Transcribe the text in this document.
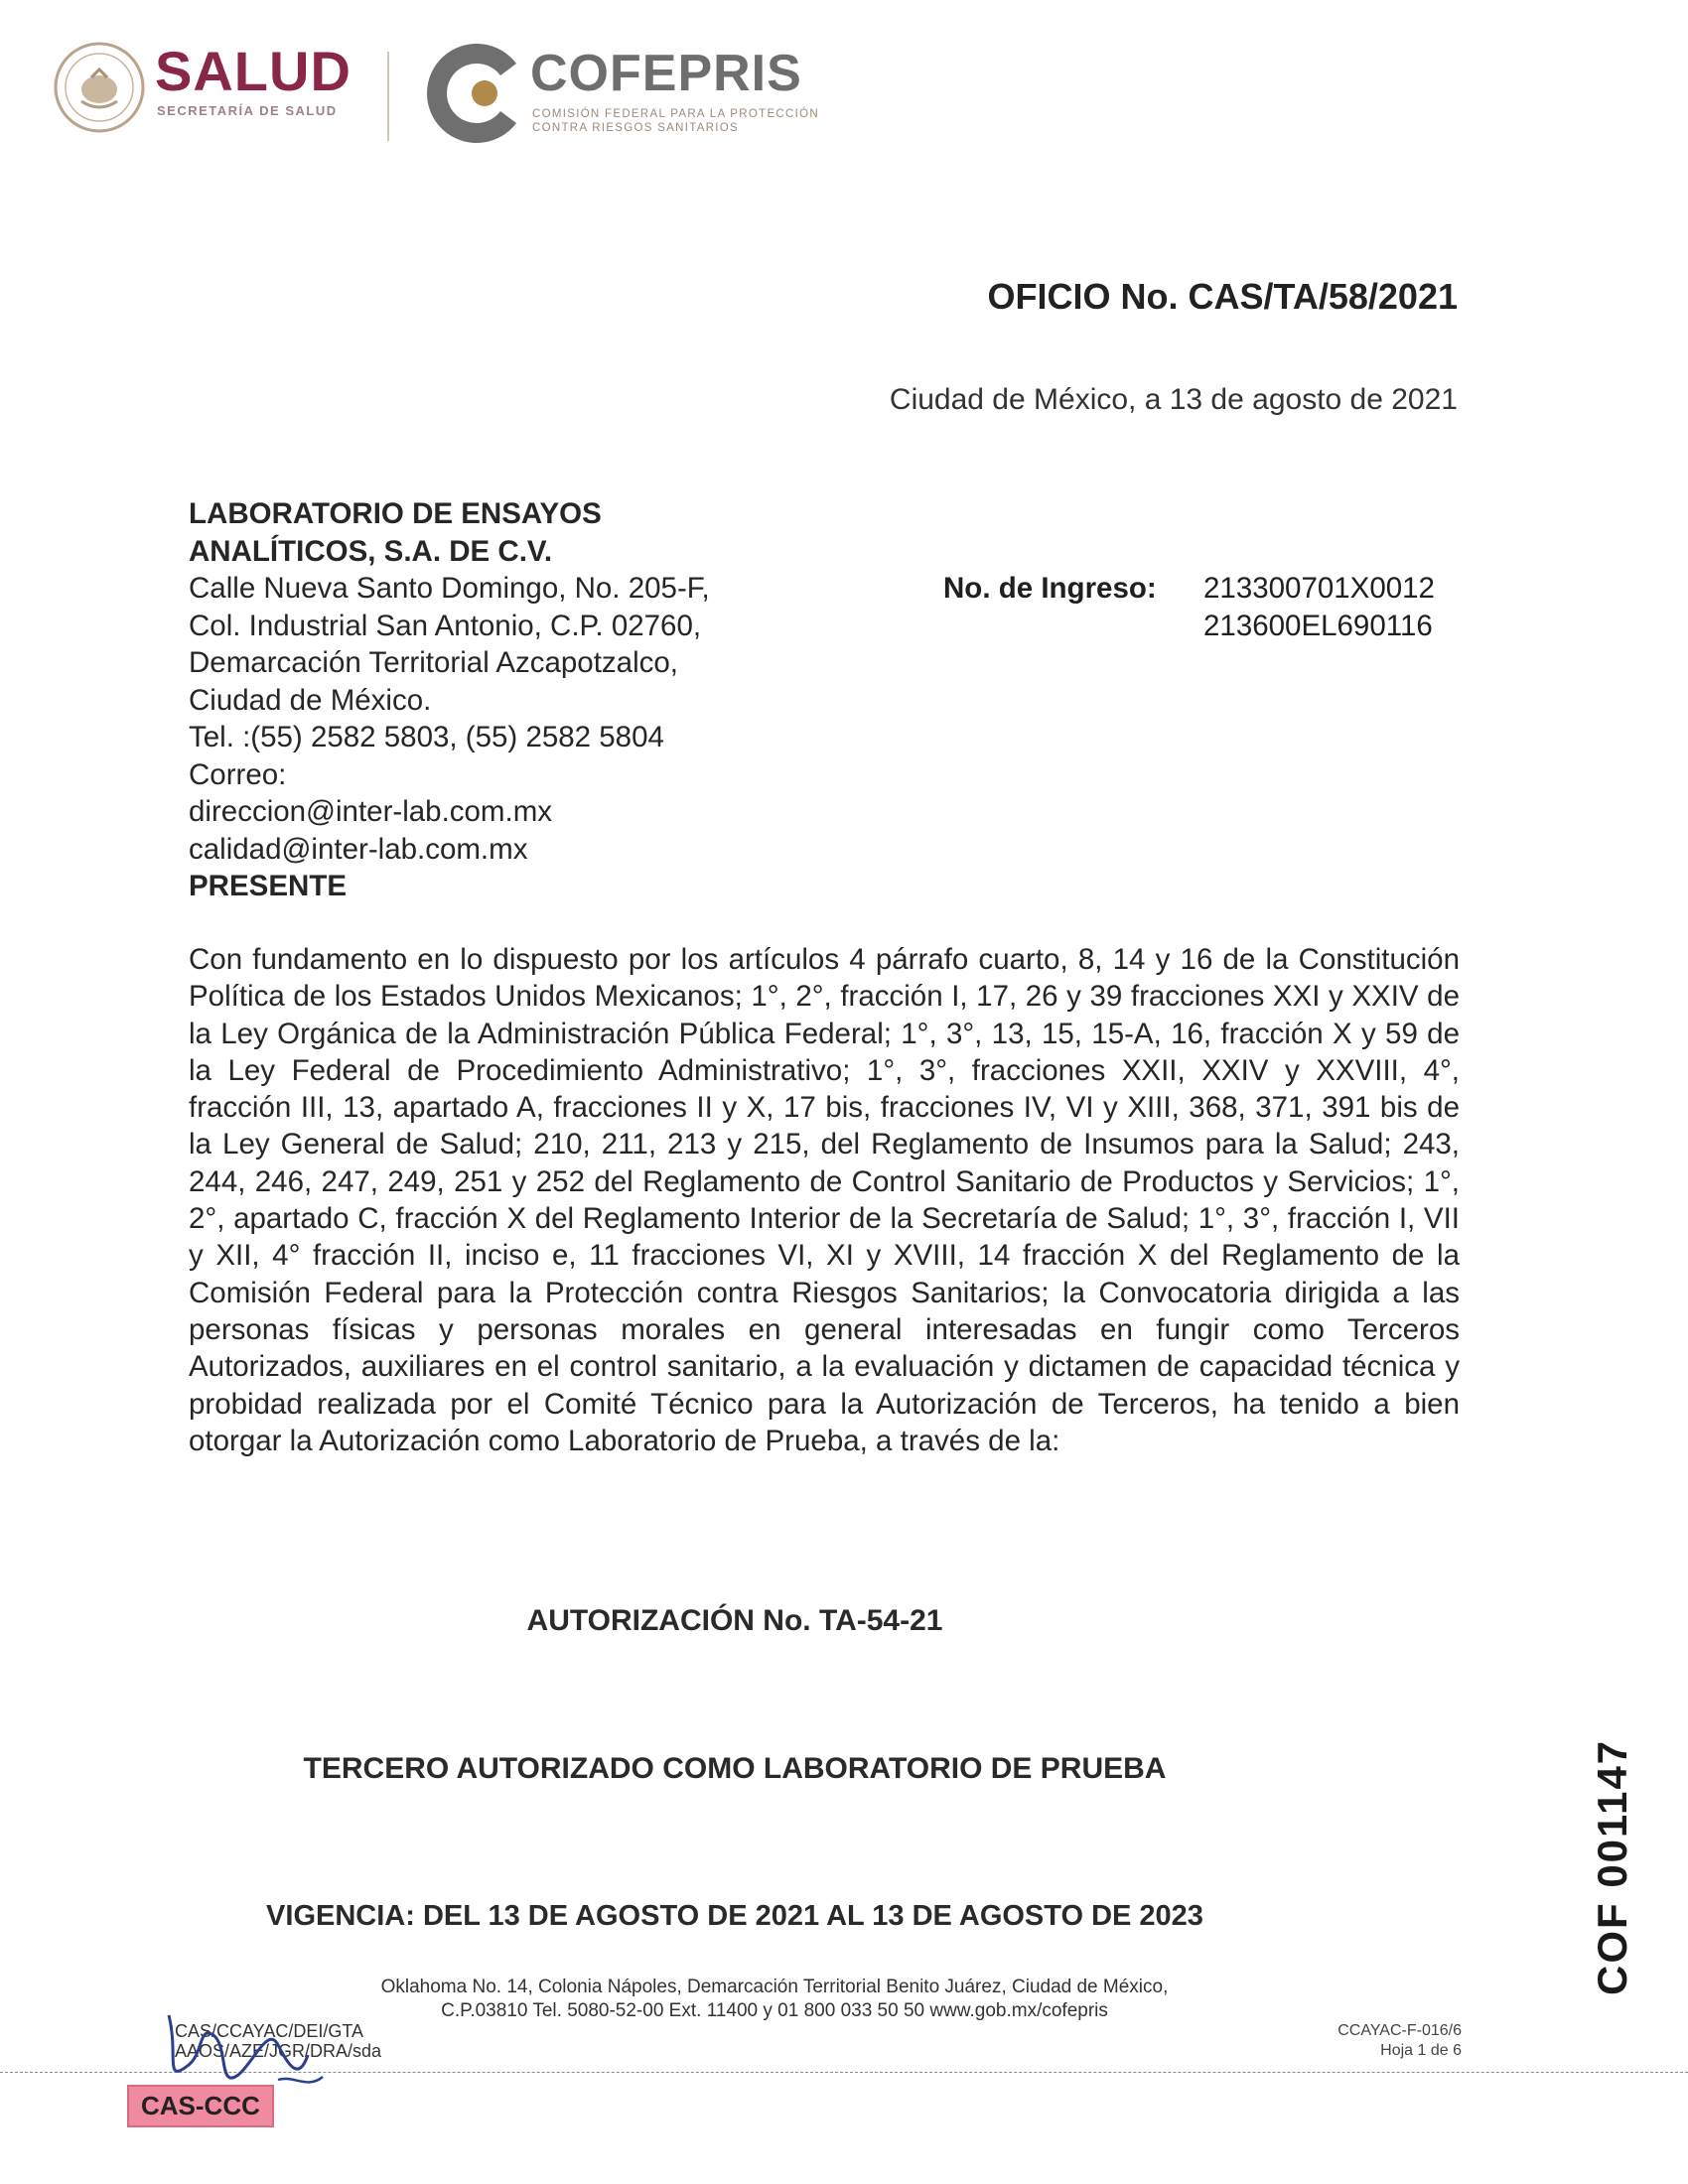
SALUD
SECRETARÍA DE SALUD
COFEPRIS
COMISIÓN FEDERAL PARA LA PROTECCIÓN
CONTRA RIESGOS SANITARIOS
OFICIO No. CAS/TA/58/2021
Ciudad de México, a 13 de agosto de 2021
LABORATORIO DE ENSAYOS
ANALÍTICOS, S.A. DE C.V.
Calle Nueva Santo Domingo, No. 205-F,
Col. Industrial San Antonio, C.P. 02760,
Demarcación Territorial Azcapotzalco,
Ciudad de México.
Tel. :(55) 2582 5803, (55) 2582 5804
Correo:
direccion@inter-lab.com.mx
calidad@inter-lab.com.mx
PRESENTE
No. de Ingreso: 213300701X0012
213600EL690116
Con fundamento en lo dispuesto por los artículos 4 párrafo cuarto, 8, 14 y 16 de la Constitución Política de los Estados Unidos Mexicanos; 1°, 2°, fracción I, 17, 26 y 39 fracciones XXI y XXIV de la Ley Orgánica de la Administración Pública Federal; 1°, 3°, 13, 15, 15-A, 16, fracción X y 59 de la Ley Federal de Procedimiento Administrativo; 1°, 3°, fracciones XXII, XXIV y XXVIII, 4°, fracción III, 13, apartado A, fracciones II y X, 17 bis, fracciones IV, VI y XIII, 368, 371, 391 bis de la Ley General de Salud; 210, 211, 213 y 215, del Reglamento de Insumos para la Salud; 243, 244, 246, 247, 249, 251 y 252 del Reglamento de Control Sanitario de Productos y Servicios; 1°, 2°, apartado C, fracción X del Reglamento Interior de la Secretaría de Salud; 1°, 3°, fracción I, VII y XII, 4° fracción II, inciso e, 11 fracciones VI, XI y XVIII, 14 fracción X del Reglamento de la Comisión Federal para la Protección contra Riesgos Sanitarios; la Convocatoria dirigida a las personas físicas y personas morales en general interesadas en fungir como Terceros Autorizados, auxiliares en el control sanitario, a la evaluación y dictamen de capacidad técnica y probidad realizada por el Comité Técnico para la Autorización de Terceros, ha tenido a bien otorgar la Autorización como Laboratorio de Prueba, a través de la:
AUTORIZACIÓN No. TA-54-21
TERCERO AUTORIZADO COMO LABORATORIO DE PRUEBA
VIGENCIA: DEL 13 DE AGOSTO DE 2021 AL 13 DE AGOSTO DE 2023
Oklahoma No. 14, Colonia Nápoles, Demarcación Territorial Benito Juárez, Ciudad de México,
C.P.03810 Tel. 5080-52-00 Ext. 11400 y 01 800 033 50 50 www.gob.mx/cofepris
CAS/CCAYAC/DEI/GTA
AAOS/AZE/JGR/DRA/sda
CCAYAC-F-016/6
Hoja 1 de 6
CAS-CCC
COF 001147
